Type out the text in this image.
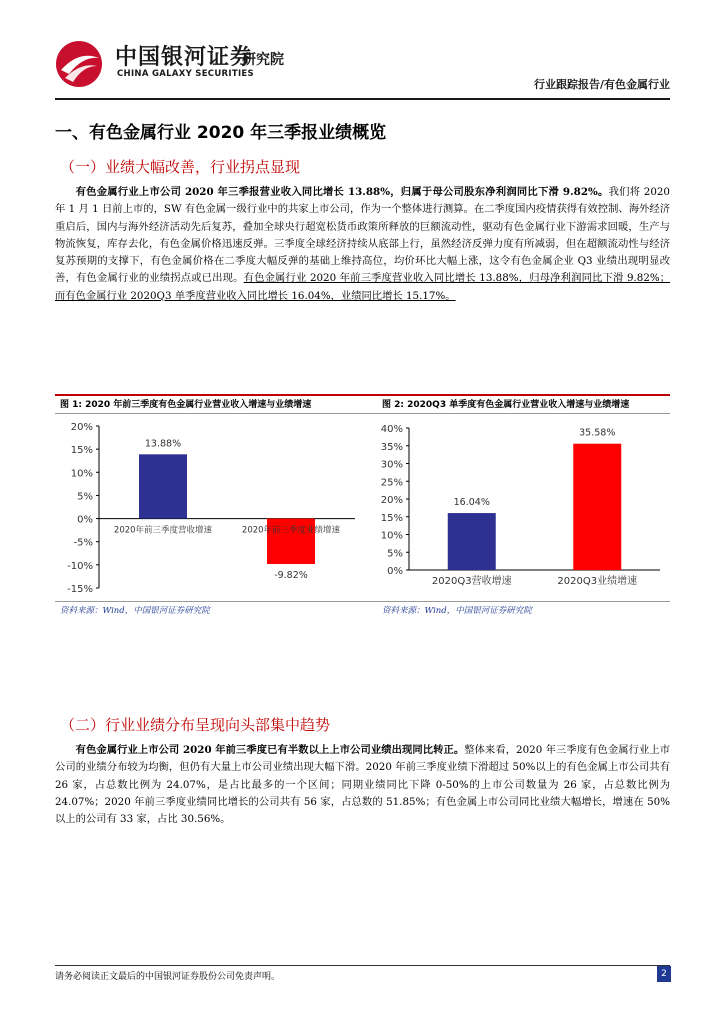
中国银河证券
研究院
CHINA GALAXY SECURITIES
行业跟踪报告/有色金属行业
一、有色金属行业 2020 年三季报业绩概览
（一）业绩大幅改善，行业拐点显现
有色金属行业上市公司 2020 年三季报营业收入同比增长 13.88%，归属于母公司股东净利润同比下滑 9.82%。我们将 2020 年 1 月 1 日前上市的，SW 有色金属一级行业中的共家上市公司，作为一个整体进行测算。在二季度国内疫情获得有效控制、海外经济重启后，国内与海外经济活动先后复苏，叠加全球央行超宽松货币政策所释放的巨额流动性，驱动有色金属行业下游需求回暖，生产与物流恢复，库存去化，有色金属价格迅速反弹。三季度全球经济持续从底部上行，虽然经济反弹力度有所减弱，但在超额流动性与经济复苏预期的支撑下，有色金属价格在二季度大幅反弹的基础上维持高位，均价环比大幅上涨，这令有色金属企业 Q3 业绩出现明显改善，有色金属行业的业绩拐点或已出现。有色金属行业 2020 年前三季度营业收入同比增长 13.88%，归母净利润同比下滑 9.82%；而有色金属行业 2020Q3 单季度营业收入同比增长 16.04%，业绩同比增长 15.17%。
图 1: 2020 年前三季度有色金属行业营业收入增速与业绩增速	图 2: 2020Q3 单季度有色金属行业营业收入增速与业绩增速
20%
15%
10%
5%
0%
-5%
-10%
-15%
13.88%
2020年前三季度营收增速
-9.82%
2020年前三季度业绩增速
40%
35%
30%
25%
20%
15%
10%
5%
0%
16.04%
2020Q3营收增速
35.58%
2020Q3业绩增速
资料来源：Wind，中国银河证券研究院	资料来源：Wind，中国银河证券研究院
（二）行业业绩分布呈现向头部集中趋势
有色金属行业上市公司 2020 年前三季度已有半数以上上市公司业绩出现同比转正。整体来看，2020 年三季度有色金属行业上市公司的业绩分布较为均衡，但仍有大量上市公司业绩出现大幅下滑。2020 年前三季度业绩下滑超过 50%以上的有色金属上市公司共有 26 家，占总数比例为 24.07%，是占比最多的一个区间；同期业绩同比下降 0-50%的上市公司数量为 26 家，占总数比例为 24.07%；2020 年前三季度业绩同比增长的公司共有 56 家，占总数的 51.85%；有色金属上市公司同比业绩大幅增长，增速在 50%以上的公司有 33 家，占比 30.56%。
请务必阅读正文最后的中国银河证券股份公司免责声明。	2
